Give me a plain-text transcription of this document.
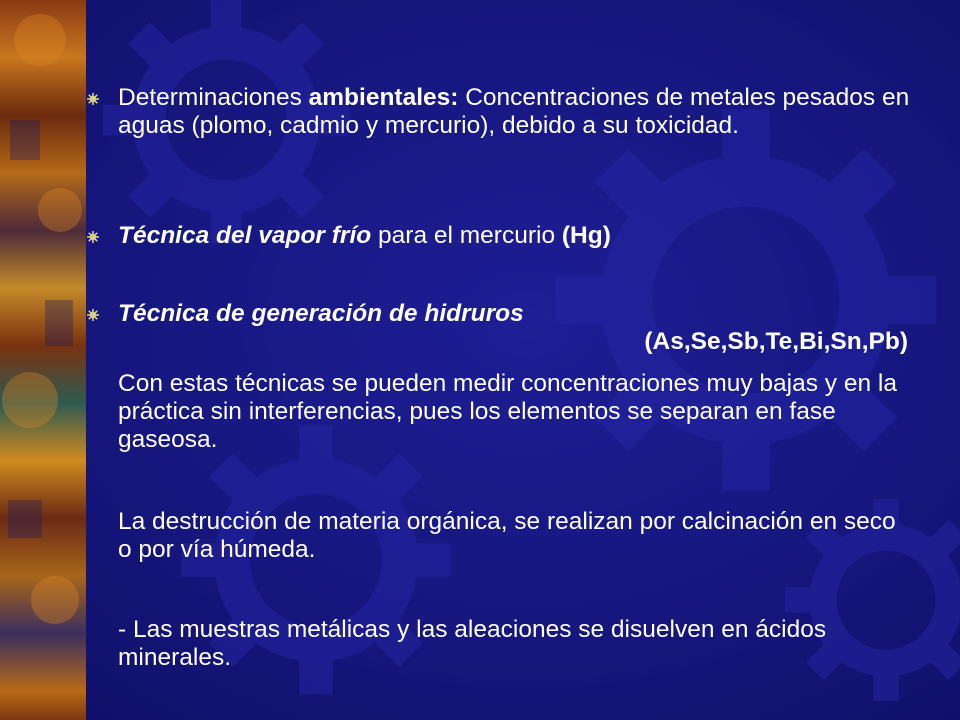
Determinaciones ambientales: Concentraciones de metales pesados en aguas (plomo, cadmio y mercurio), debido a su toxicidad.
Técnica del vapor frío para el mercurio (Hg)
Técnica de generación de hidruros
(As,Se,Sb,Te,Bi,Sn,Pb)
Con estas técnicas se pueden medir concentraciones muy bajas y en la práctica sin interferencias, pues los elementos se separan en fase gaseosa.
La destrucción de materia orgánica, se realizan por calcinación en seco o por vía húmeda.
- Las muestras metálicas y las aleaciones se disuelven en ácidos minerales.
